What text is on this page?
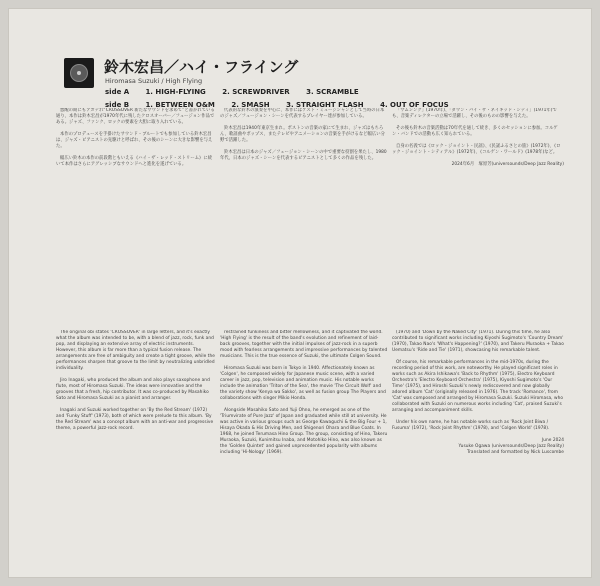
鈴木宏昌／ハイ・フライング
Hiromasa Suzuki / High Flying
side A 1. HIGH-FLYING 2. SCREWDRIVER 3. SCRAMBLE
side B 1. BETWEEN O&M 2. SMASH 3. STRAIGHT FLASH 4. OUT OF FOCUS

悪醒の期にもアガテれ“CROSSOVER 新たなサウンドを求めて”と書かれている通り、本作は鈴木宏昌が1970年代に残したクロスオーバー／フュージョン作品である。ジャズ、ファンク、ロックの要素を大胆に取り入れている。

本作のプロデュースを手掛けたサウンド・ブルートでも参加している鈴木宏昌は、ジャズ・ピアニストの先駆けと呼ばれ、その後のシーンに大きな影響を与えた。

幅広い鈴木の本作の前段階ともいえる《ハイ・ザ・レッド・ストリーム》に続いて本作はさらにアグレッシブなサウンドへと進化を遂げている。

代表的な鈴木の演奏を中心に、本作にはゲスト・ミュージシャンとして当時の日本のジャズ／フュージョン・シーンを代表するプレイヤー達が参加している。

鈴木宏昌は1940年東京生まれ。ボストンの音楽の家にて生まれ、ジャズはもちろん、歌謡曲やポップス、またテレビやアニメーションの音楽を手がけるなど幅広い分野で活躍した。

鈴木宏昌は日本のジャズ／フュージョン・シーンの中で重要な役割を果たし、1980年代、日本のジャズ・シーンを代表するピアニストとして多くの作品を残した。

「サムシング」(1970年)、「ダウン・バイ・ザ・ネイキッド・シティ」(1971年)でも、音楽ディレクターの立場で活躍し、その後のものの影響を与えた。

その後も鈴木の音楽活動は70年代を通して続き、多くのセッションに参加。コルゲン・バンドでの活動も広く知られている。

自身の名義では《ロック・ジョイント・民謡》、《民謡ふるさとの旅》(1972年)、《ロック・ジョイント・シティアル》(1972年)、《コルゲン・ワールド》(1978年)など。

2024年6月　塚原芳(universounds/Deep Jazz Reality)

The original obi states 'CROSSOVER' in large letters, and it's exactly what the album was intended to be, with a blend of jazz, rock, funk and pop, and displaying an extensive array of electric instruments. However, this album is far more than a typical fusion release. The arrangements are free of ambiguity and create a tight groove, while the performances sharpen that groove to the limit by neutralizing unbridled individuality.

Jiro Inagaki, who produced the album and also plays saxophone and flute, most of Hiromasa Suzuki. The ideas were innovative and the grooves that a fresh, hip contributor. It was co-produced by Masahiko Sato and Hiromasa Suzuki as a pianist and arranger.

Inagaki and Suzuki worked together on 'By the Red Stream' (1972) and 'Funky Stuff' (1973), both of which were prelude to this album. 'By the Red Stream' was a concept album with an anti-war and progressive theme, a powerful jazz-rock record.

restrained funkiness and bitter mellowness, and it captivated the world. 'High Flying' is the result of the band's evolution and refinement of laid-back grooves, together with the initial impulses of jazz-rock in a superb mood with fearless arrangements and impressive performances by talented musicians. This is the true essence of Suzuki, the ultimate Colgen Sound.

Hiromasa Suzuki was born in Tokyo in 1940. Affectionately known as 'Colgen', he composed widely for Japanese music scene, with a varied career in jazz, pop, television and animation music. His notable works include the animation 'Triton of the Sea', the movie 'The Circuit Wolf' and the variety show 'Kenya wa Sakko', as well as fusion group The Players and collaborations with singer Mikio Honda.

Alongside Masahiko Sato and Yuji Ohno, he emerged as one of the 'Triumvirate of Pure Jazz' of Japan and graduated while still at university. He was active in various groups such as George Kawaguchi & the Big Four + 1, Hisaya Okada & His Driving Men, and Shigenori Ohara and Blue Coats. In 1968, he joined Terumasa Hino Group. The group, consisting of Hino, Takeru Muraoka, Suzuki, Kunimitsu Inaba, and Motohiko Hino, was also known as the 'Golden Quintet' and gained unprecedented popularity with albums including 'Hi-Nology' (1969).

(1970) and 'Down by the Naked City' (1971). During this time, he also contributed to significant works including Kiyoshi Sugimoto's 'Country Dream' (1970), Takao Nao's 'What's Happening?' (1970), and Takeru Muraoka + Takao Uematsu's 'Ride and Tie' (1971), showcasing his remarkable talent.

Of course, his remarkable performances in the mid-1970s, during the recording period of this work, are noteworthy. He played significant roles in works such as Akira Ishikawa's 'Back to Rhythm' (1975), Electro Keyboard Orchestra's 'Electro Keyboard Orchestra' (1975), Kiyoshi Sugimoto's 'Our Time' (1975), and Hiroshi Suzuki's newly rediscovered and now globally adored album 'Cat' (originally released in 1976). The track 'Romance', from 'Cat' was composed and arranged by Hiromasa Suzuki. Suzuki Hiromasa, who collaborated with Suzuki on numerous works including 'Cat', praised Suzuki's arranging and accompaniment skills.

Under his own name, he has notable works such as 'Rock Joint Biwa / Fusuma' (1972), 'Rock Joint Rhythm' (1978), and 'Colgen World' (1978).

June 2024
Yusuke Ogawa (universounds/Deep Jazz Reality)
Translated and formatted by Nick Luscombe
